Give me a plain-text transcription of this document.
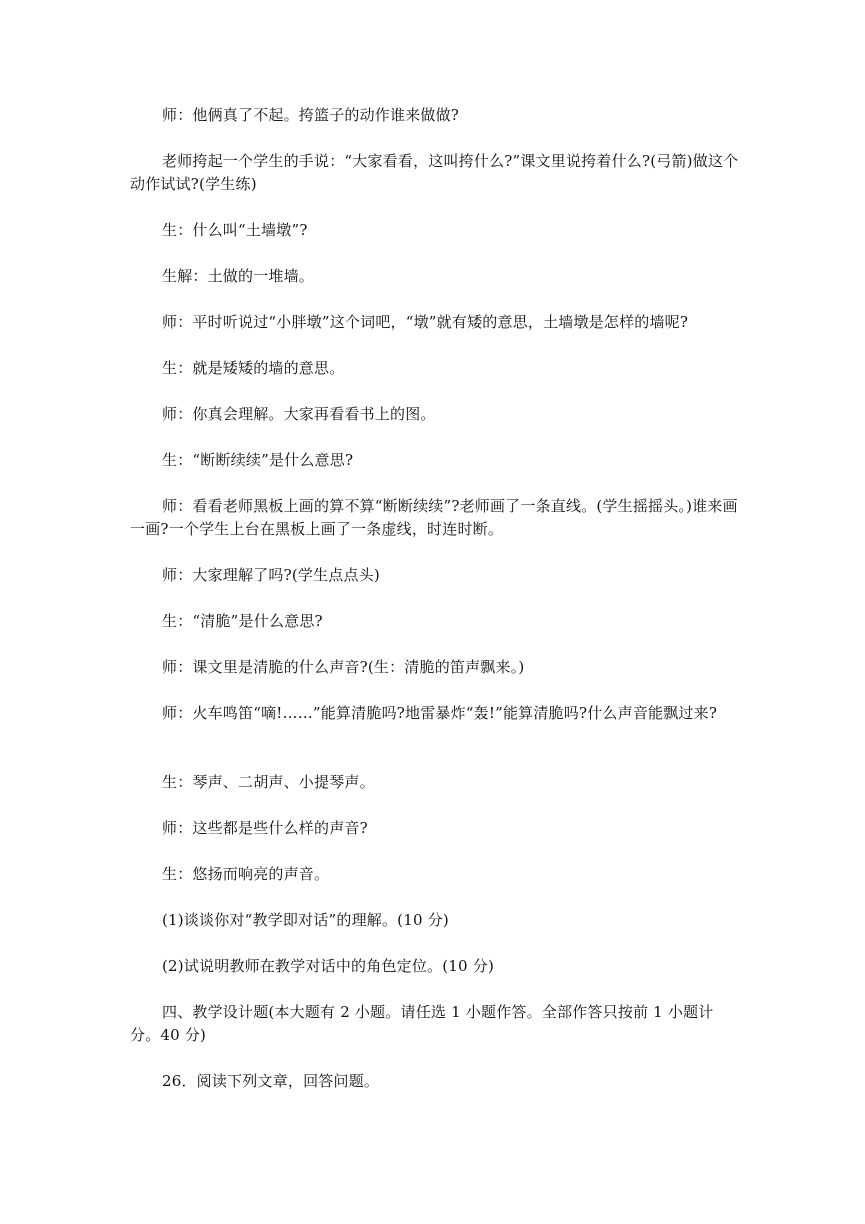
师：他俩真了不起。挎篮子的动作谁来做做?

老师挎起一个学生的手说：“大家看看，这叫挎什么?”课文里说挎着什么?(弓箭)做这个动作试试?(学生练)

生：什么叫“土墙墩”?

生解：土做的一堆墙。

师：平时听说过“小胖墩”这个词吧，“墩”就有矮的意思，土墙墩是怎样的墙呢?

生：就是矮矮的墙的意思。

师：你真会理解。大家再看看书上的图。

生：“断断续续”是什么意思?

师：看看老师黑板上画的算不算“断断续续”?老师画了一条直线。(学生摇摇头。)谁来画一画?一个学生上台在黑板上画了一条虚线，时连时断。

师：大家理解了吗?(学生点点头)

生：“清脆”是什么意思?

师：课文里是清脆的什么声音?(生：清脆的笛声飘来。)

师：火车鸣笛“嘀!……”能算清脆吗?地雷暴炸“轰!”能算清脆吗?什么声音能飘过来?

生：琴声、二胡声、小提琴声。

师：这些都是些什么样的声音?

生：悠扬而响亮的声音。

(1)谈谈你对“教学即对话”的理解。(10 分)

(2)试说明教师在教学对话中的角色定位。(10 分)

四、教学设计题(本大题有 2 小题。请任选 1 小题作答。全部作答只按前 1 小题计分。40 分)

26．阅读下列文章，回答问题。
